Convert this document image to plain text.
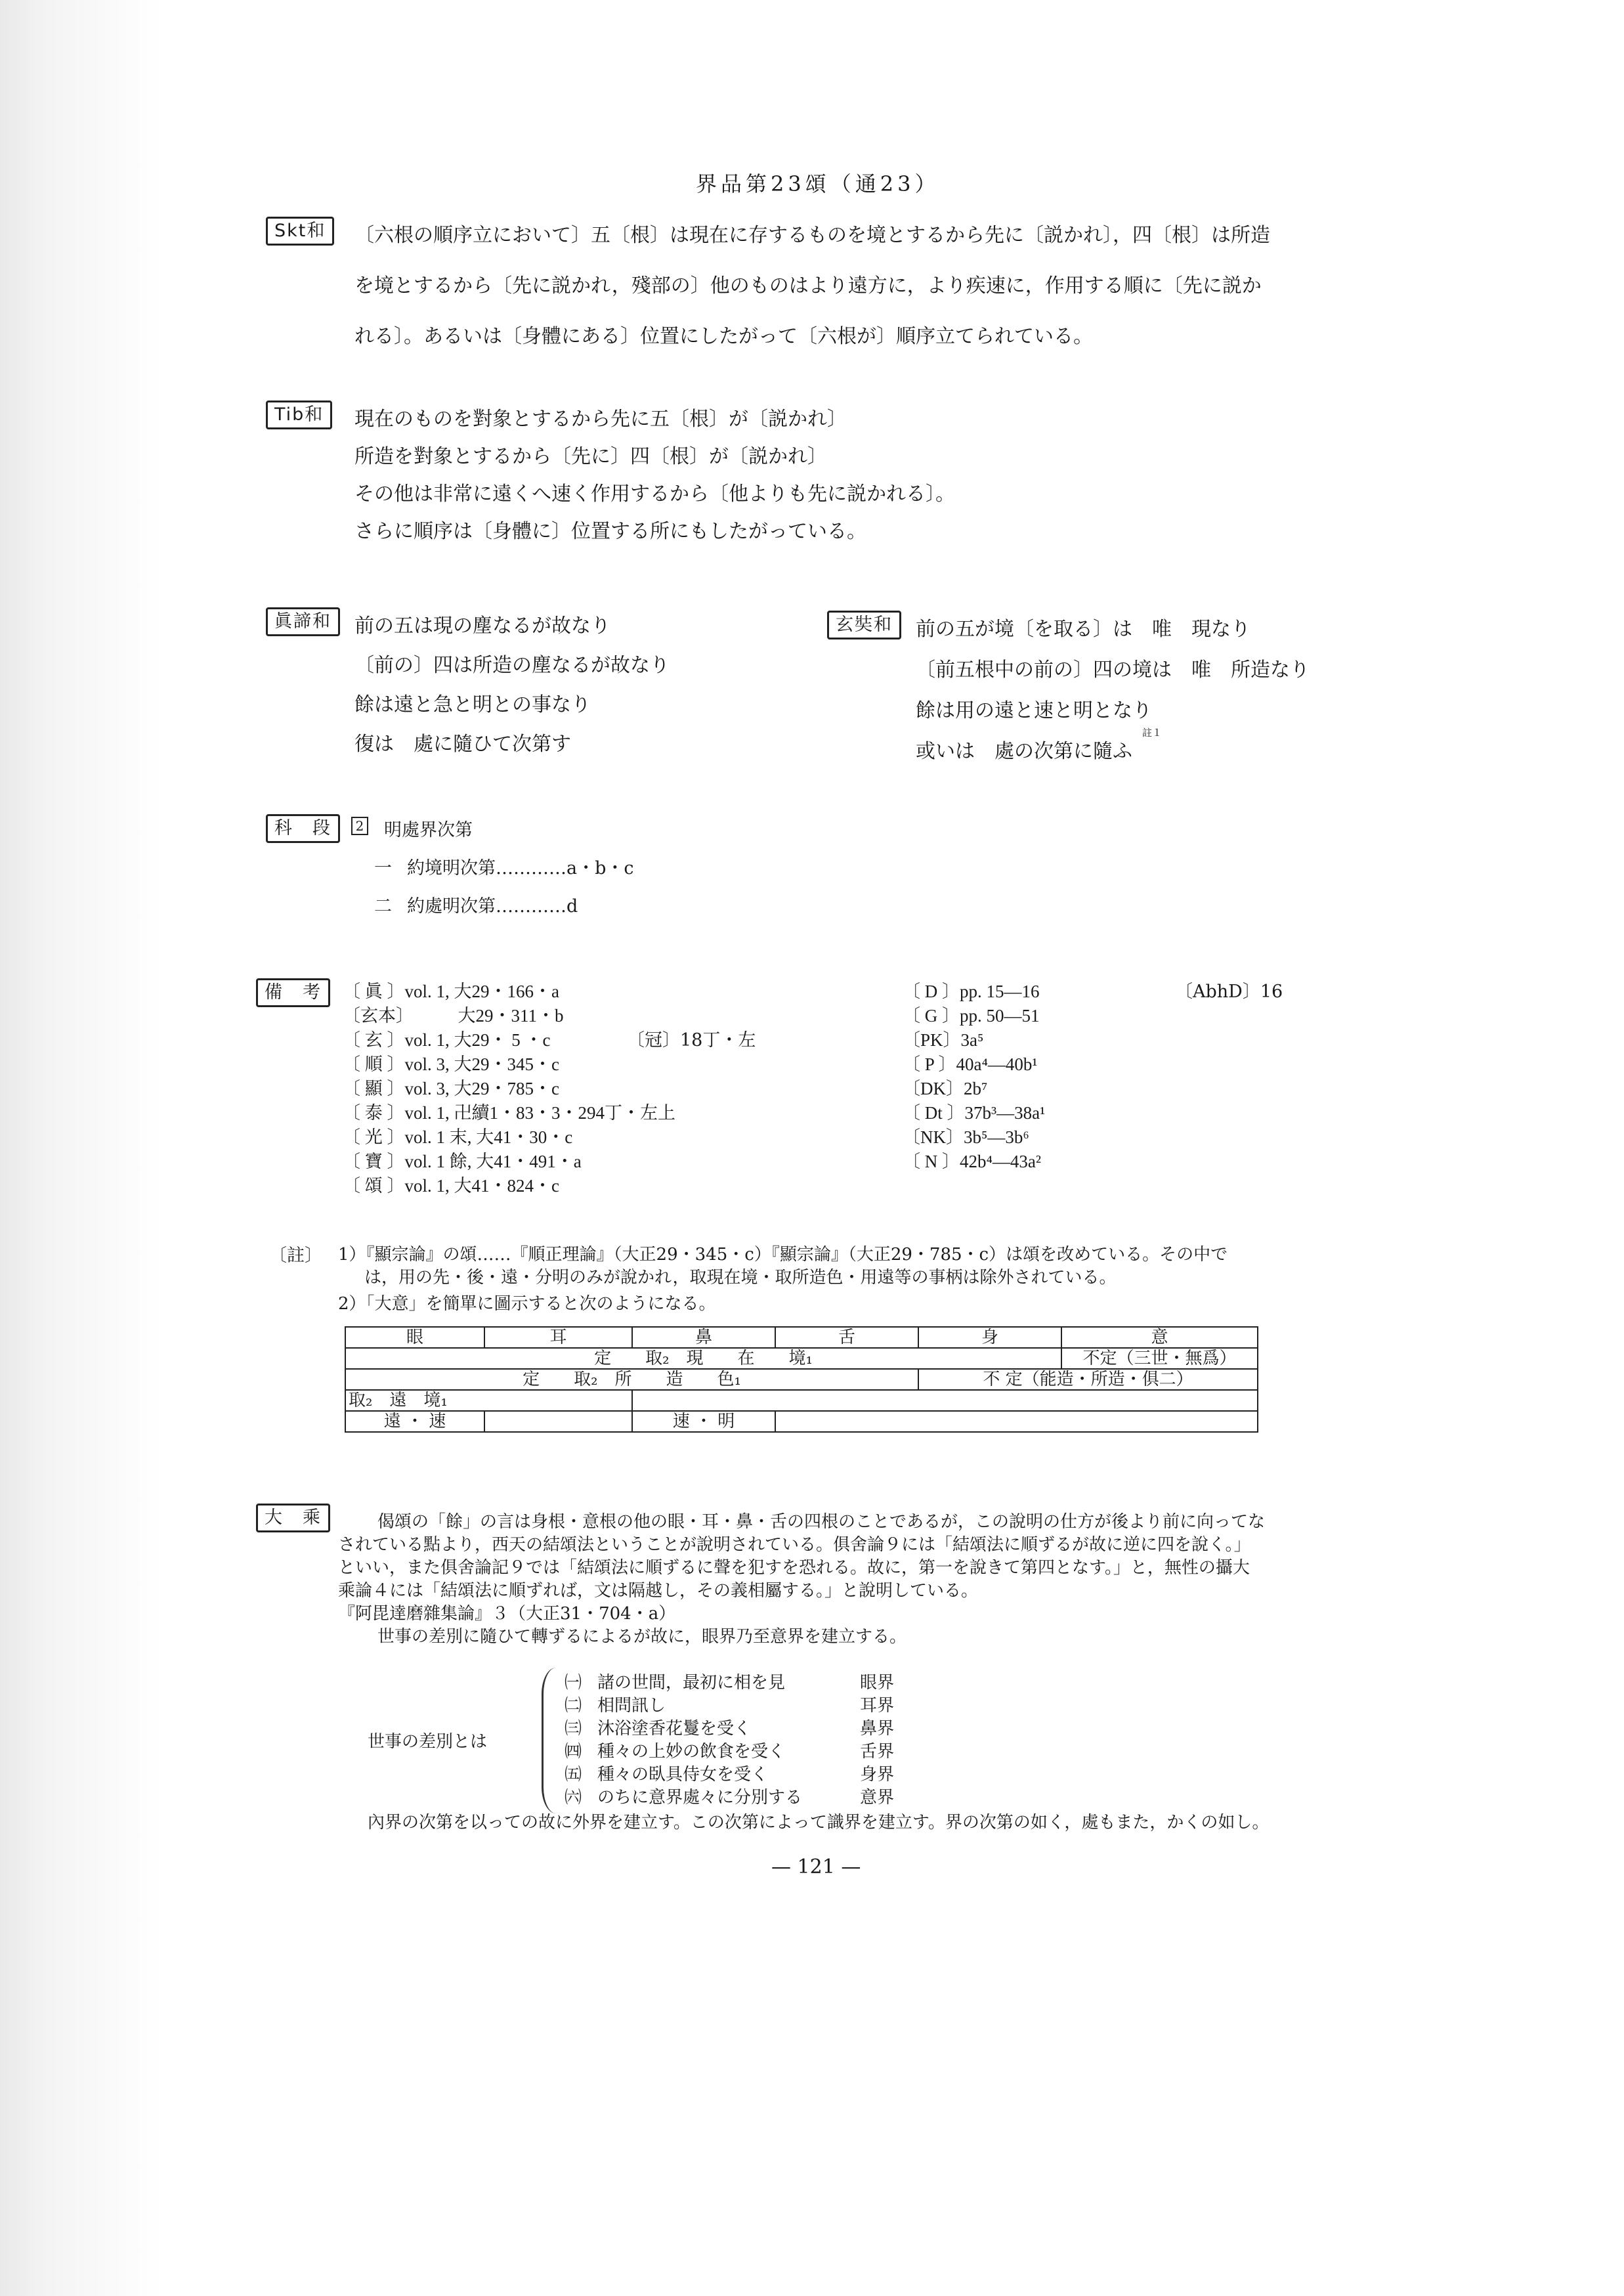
界品第23頌（通23）
Skt和	〔六根の順序立において〕五〔根〕は現在に存するものを境とするから先に〔説かれ〕，四〔根〕は所造
を境とするから〔先に説かれ，殘部の〕他のものはより遠方に，より疾速に，作用する順に〔先に説か
れる〕。あるいは〔身體にある〕位置にしたがって〔六根が〕順序立てられている。
Tib和	現在のものを對象とするから先に五〔根〕が〔説かれ〕
所造を對象とするから〔先に〕四〔根〕が〔説かれ〕
その他は非常に遠くへ速く作用するから〔他よりも先に説かれる〕。
さらに順序は〔身體に〕位置する所にもしたがっている。
眞諦和	前の五は現の塵なるが故なり
〔前の〕四は所造の塵なるが故なり
餘は遠と急と明との事なり
復は　處に隨ひて次第す
玄奘和	前の五が境〔を取る〕は　唯　現なり
〔前五根中の前の〕四の境は　唯　所造なり
餘は用の遠と速と明となり
或いは　處の次第に隨ふ
註１
科　段	2 明處界次第
一 約境明次第…………a・b・c
二 約處明次第…………d
備　考	〔 眞 〕vol. 1, 大29・166・a
〔玄本〕　　　大29・311・b
〔 玄 〕vol. 1, 大29・ 5 ・c
〔 順 〕vol. 3, 大29・345・c
〔 顯 〕vol. 3, 大29・785・c
〔 泰 〕vol. 1, 卍續1・83・3・294丁・左上
〔 光 〕vol. 1 末, 大41・30・c
〔 寶 〕vol. 1 餘, 大41・491・a
〔 頌 〕vol. 1, 大41・824・c
〔冠〕18丁・左
〔 D 〕pp. 15—16
〔 G 〕pp. 50—51
〔PK〕3a⁵
〔 P 〕40a⁴—40b¹
〔DK〕2b⁷
〔 Dt 〕37b³—38a¹
〔NK〕3b⁵—3b⁶
〔 N 〕42b⁴—43a²
〔AbhD〕16
〔註〕 1）『顯宗論』の頌……『順正理論』（大正29・345・c）『顯宗論』（大正29・785・c）は頌を改めている。その中で
は，用の先・後・遠・分明のみが說かれ，取現在境・取所造色・用遠等の事柄は除外されている。
2）「大意」を簡單に圖示すると次のようになる。
眼	耳	鼻	舌	身	意
定　　取₂　現　　在　　境₁					不定（三世・無爲）
定　　取₂　所　　造　　色₁				不 定（能造・所造・俱二）	
取₂　遠　境₁					
遠 ・ 速		速 ・ 明			
大　乘	偈頌の「餘」の言は身根・意根の他の眼・耳・鼻・舌の四根のことであるが，この說明の仕方が後より前に向ってな
されている點より，西天の結頌法ということが說明されている。俱舍論９には「結頌法に順ずるが故に逆に四を說く。」
といい，また俱舍論記９では「結頌法に順ずるに聲を犯すを恐れる。故に，第一を說きて第四となす。」と，無性の攝大
乘論４には「結頌法に順ずれば，文は隔越し，その義相屬する。」と說明している。
『阿毘達磨雜集論』３（大正31・704・a）
世事の差別に隨ひて轉ずるによるが故に，眼界乃至意界を建立する。
世事の差別とは
㈠ 諸の世間，最初に相を見	眼界
㈡ 相問訊し	耳界
㈢ 沐浴塗香花鬘を受く	鼻界
㈣ 種々の上妙の飲食を受く	舌界
㈤ 種々の臥具侍女を受く	身界
㈥ のちに意界處々に分別する	意界
內界の次第を以っての故に外界を建立す。この次第によって識界を建立す。界の次第の如く，處もまた，かくの如し。
— 121 —
